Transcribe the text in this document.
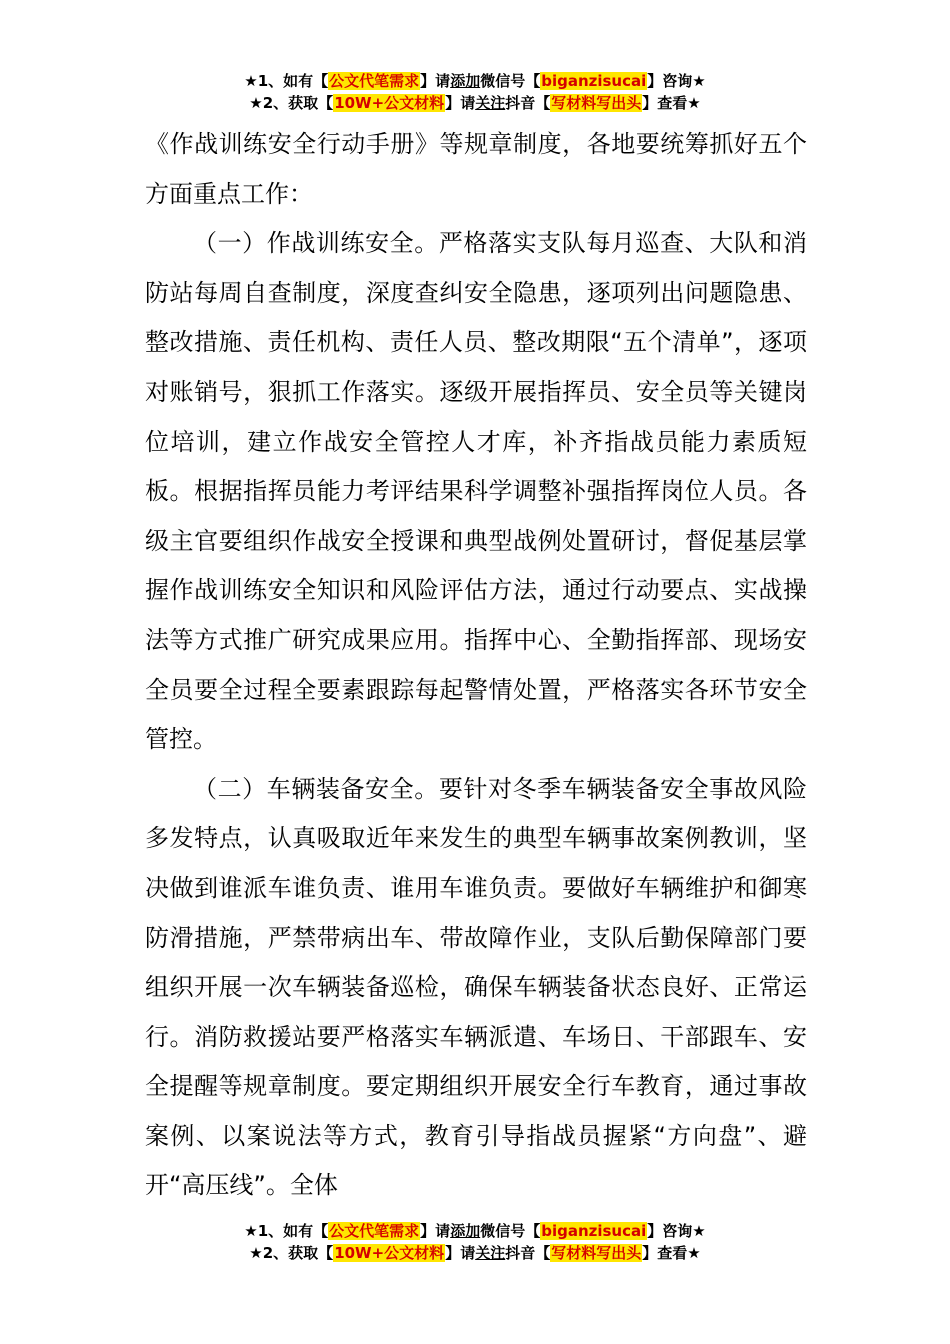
★1、如有【公文代笔需求】请添加微信号【biganzisucai】咨询★
★2、获取【10W+公文材料】请关注抖音【写材料写出头】查看★

《作战训练安全行动手册》等规章制度，各地要统筹抓好五个方面重点工作：

（一）作战训练安全。严格落实支队每月巡查、大队和消防站每周自查制度，深度查纠安全隐患，逐项列出问题隐患、整改措施、责任机构、责任人员、整改期限“五个清单”，逐项对账销号，狠抓工作落实。逐级开展指挥员、安全员等关键岗位培训，建立作战安全管控人才库，补齐指战员能力素质短板。根据指挥员能力考评结果科学调整补强指挥岗位人员。各级主官要组织作战安全授课和典型战例处置研讨，督促基层掌握作战训练安全知识和风险评估方法，通过行动要点、实战操法等方式推广研究成果应用。指挥中心、全勤指挥部、现场安全员要全过程全要素跟踪每起警情处置，严格落实各环节安全管控。

（二）车辆装备安全。要针对冬季车辆装备安全事故风险多发特点，认真吸取近年来发生的典型车辆事故案例教训，坚决做到谁派车谁负责、谁用车谁负责。要做好车辆维护和御寒防滑措施，严禁带病出车、带故障作业，支队后勤保障部门要组织开展一次车辆装备巡检，确保车辆装备状态良好、正常运行。消防救援站要严格落实车辆派遣、车场日、干部跟车、安全提醒等规章制度。要定期组织开展安全行车教育，通过事故案例、以案说法等方式，教育引导指战员握紧“方向盘”、避开“高压线”。全体

★1、如有【公文代笔需求】请添加微信号【biganzisucai】咨询★
★2、获取【10W+公文材料】请关注抖音【写材料写出头】查看★
